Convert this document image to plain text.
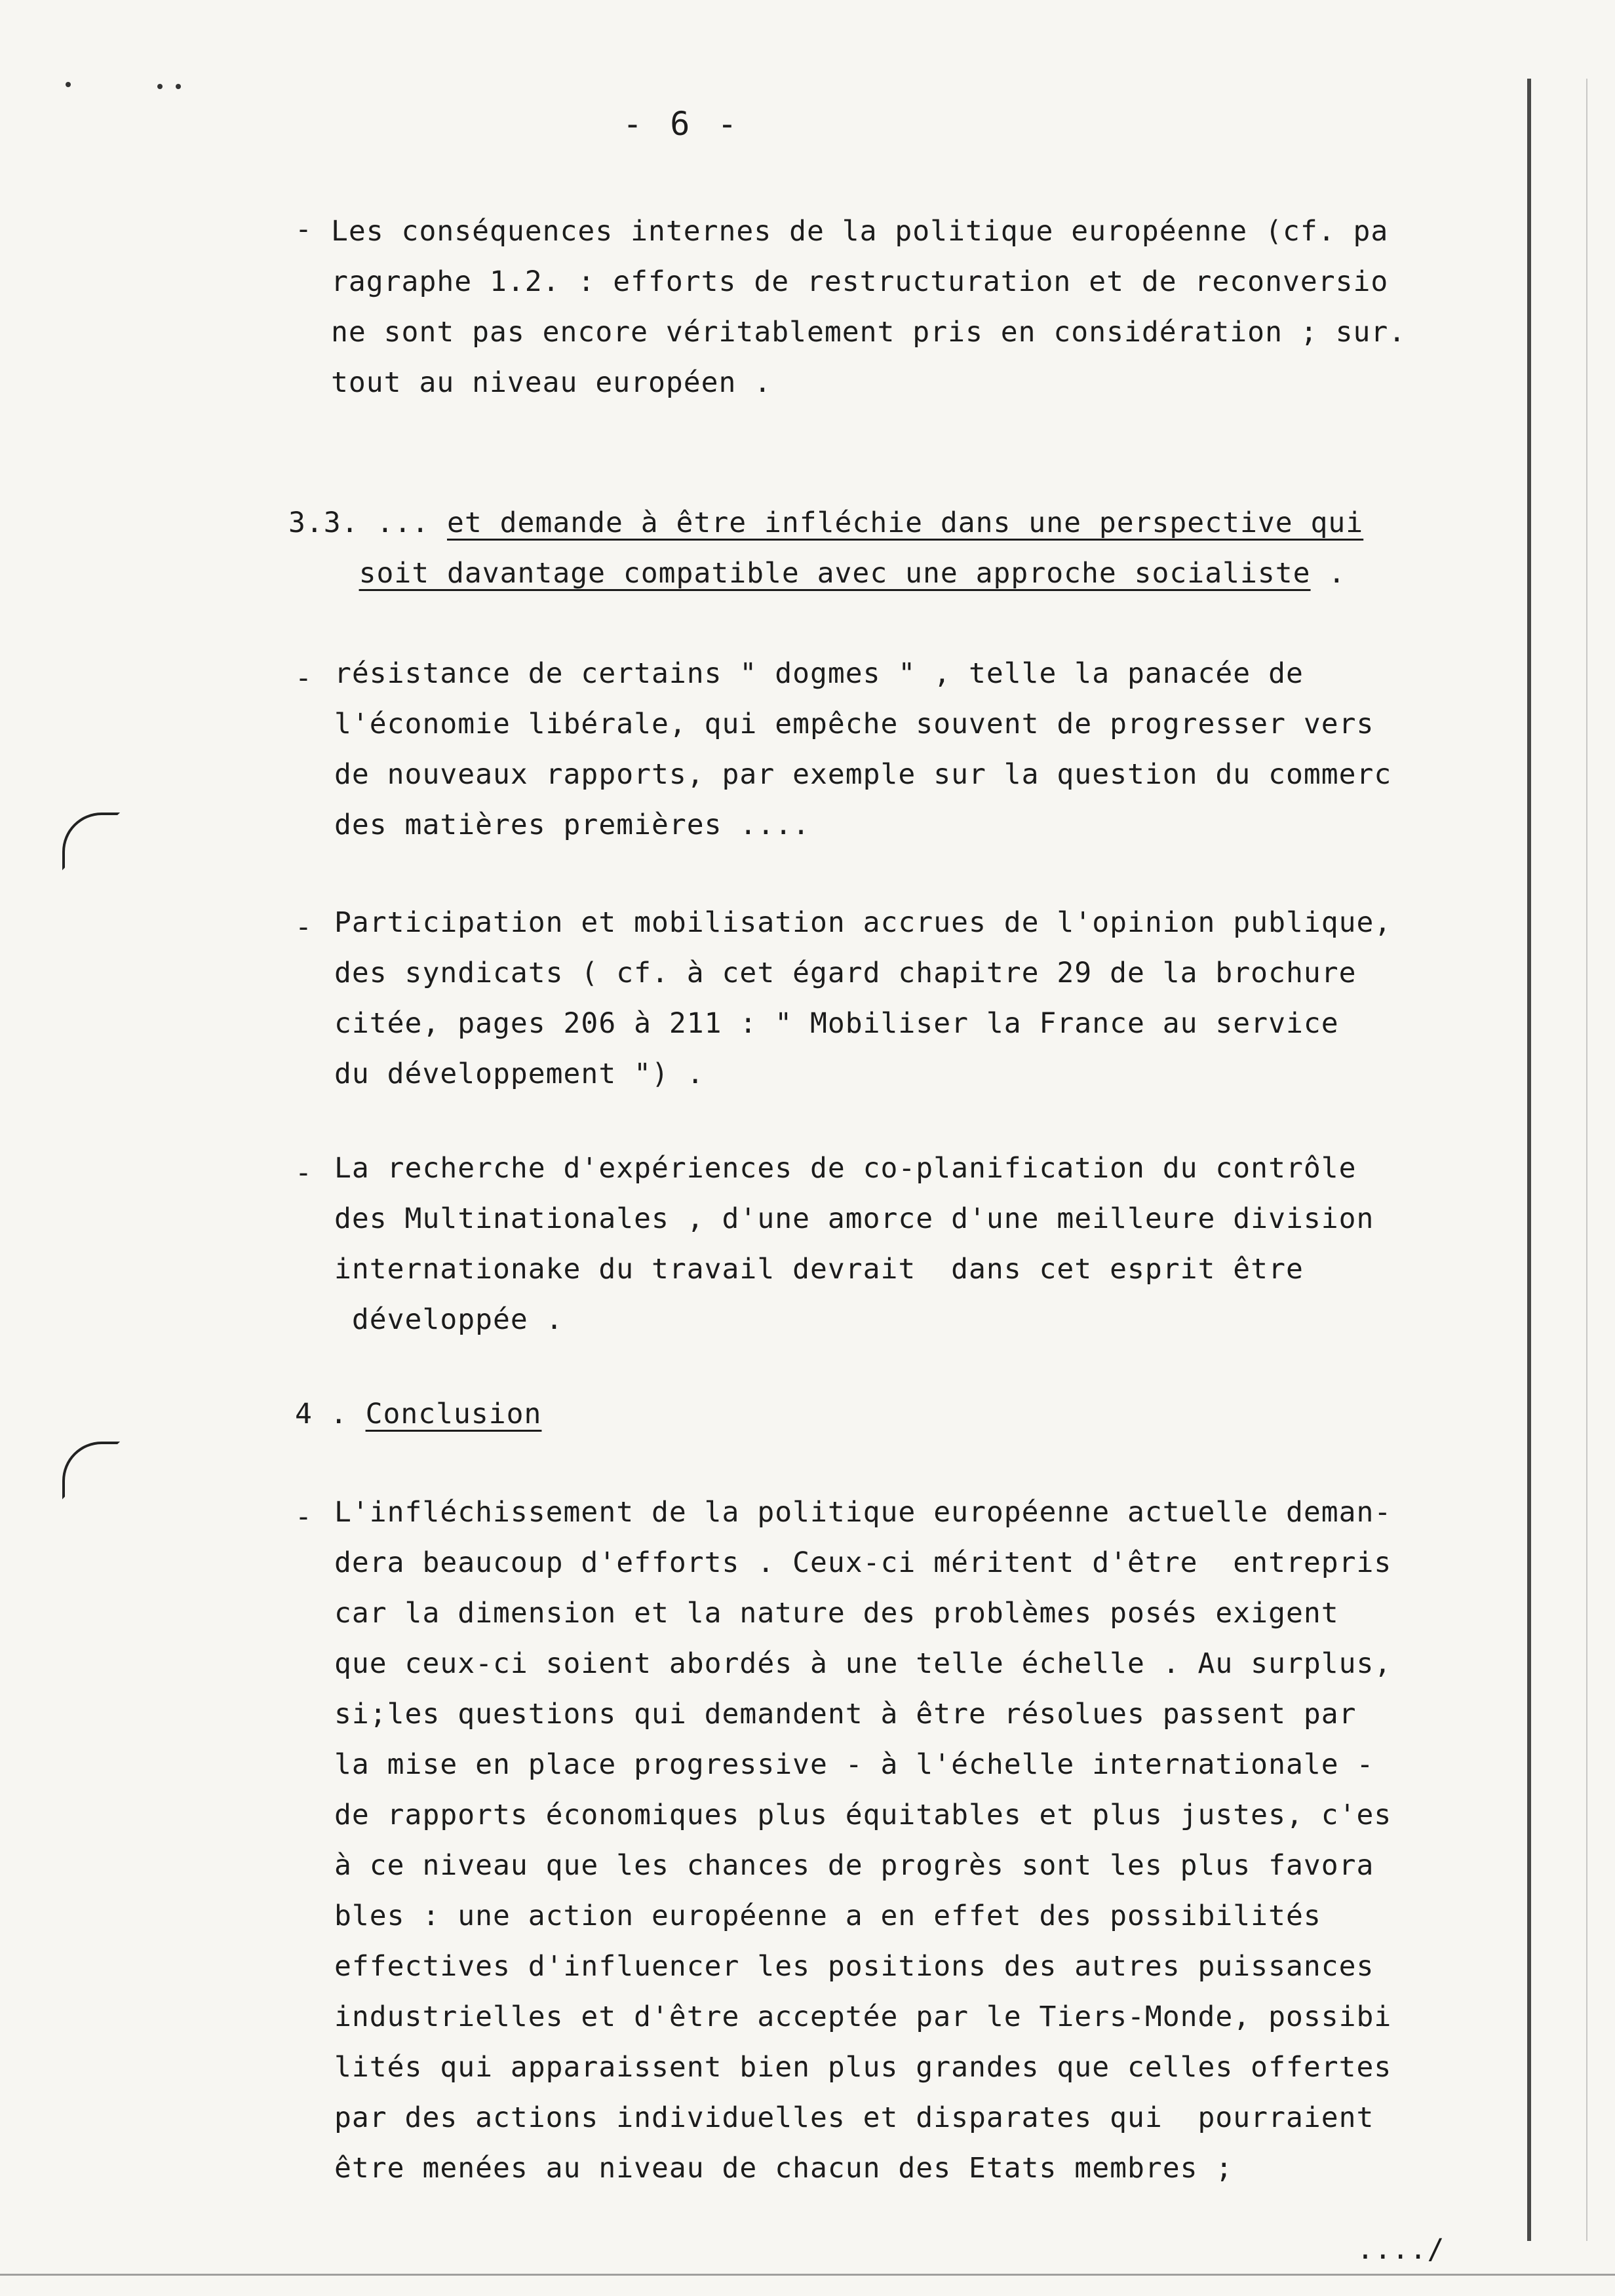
- 6 -
- Les conséquences internes de la politique européenne (cf. pa
ragraphe 1.2. : efforts de restructuration et de reconversio
ne sont pas encore véritablement pris en considération ; sur.
tout au niveau européen .
3.3. ... et demande à être infléchie dans une perspective qui
soit davantage compatible avec une approche socialiste .
- résistance de certains " dogmes " , telle la panacée de
l'économie libérale, qui empêche souvent de progresser vers
de nouveaux rapports, par exemple sur la question du commerc
des matières premières ....
- Participation et mobilisation accrues de l'opinion publique,
des syndicats ( cf. à cet égard chapitre 29 de la brochure
citée, pages 206 à 211 : " Mobiliser la France au service
du développement ") .
- La recherche d'expériences de co-planification du contrôle
des Multinationales , d'une amorce d'une meilleure division
internationake du travail devrait  dans cet esprit être
développée .
4 . Conclusion
- L'infléchissement de la politique européenne actuelle deman-
dera beaucoup d'efforts . Ceux-ci méritent d'être  entrepris
car la dimension et la nature des problèmes posés exigent
que ceux-ci soient abordés à une telle échelle . Au surplus,
si;les questions qui demandent à être résolues passent par
la mise en place progressive - à l'échelle internationale -
de rapports économiques plus équitables et plus justes, c'es
à ce niveau que les chances de progrès sont les plus favora
bles : une action européenne a en effet des possibilités
effectives d'influencer les positions des autres puissances
industrielles et d'être acceptée par le Tiers-Monde, possibi
lités qui apparaissent bien plus grandes que celles offertes
par des actions individuelles et disparates qui  pourraient
être menées au niveau de chacun des Etats membres ;
..../
